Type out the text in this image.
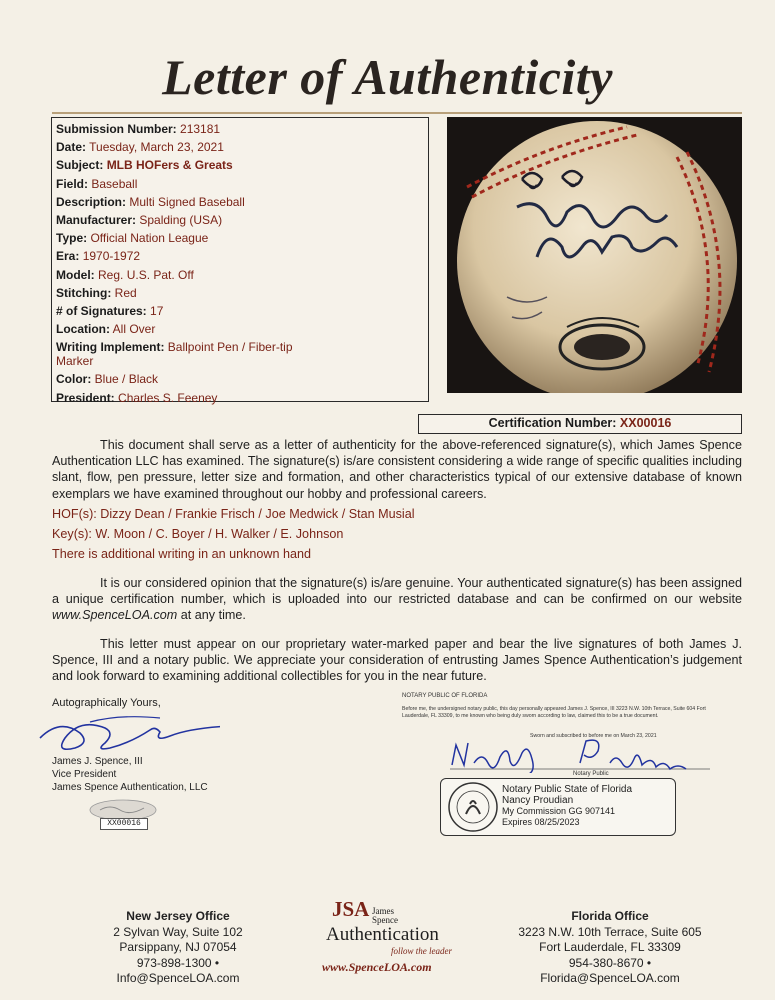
Letter of Authenticity
Submission Number: 213181
Date: Tuesday, March 23, 2021
Subject: MLB HOFers & Greats
Field: Baseball
Description: Multi Signed Baseball
Manufacturer: Spalding (USA)
Type: Official Nation League
Era: 1970-1972
Model: Reg. U.S. Pat. Off
Stitching: Red
# of Signatures: 17
Location: All Over
Writing Implement: Ballpoint Pen / Fiber-tip Marker
Color: Blue / Black
President: Charles S. Feeney
Certification Number: XX00016
This document shall serve as a letter of authenticity for the above-referenced signature(s), which James Spence Authentication LLC has examined. The signature(s) is/are consistent considering a wide range of specific qualities including slant, flow, pen pressure, letter size and formation, and other characteristics typical of our extensive database of known exemplars we have examined throughout our hobby and professional careers.
HOF(s): Dizzy Dean / Frankie Frisch / Joe Medwick / Stan Musial
Key(s): W. Moon / C. Boyer / H. Walker / E. Johnson
There is additional writing in an unknown hand
It is our considered opinion that the signature(s) is/are genuine. Your authenticated signature(s) has been assigned a unique certification number, which is uploaded into our restricted database and can be confirmed on our website www.SpenceLOA.com at any time.
This letter must appear on our proprietary water-marked paper and bear the live signatures of both James J. Spence, III and a notary public. We appreciate your consideration of entrusting James Spence Authentication’s judgement and look forward to examining additional collectibles for you in the near future.
Autographically Yours,
James J. Spence, III
Vice President
James Spence Authentication, LLC
XX00016
NOTARY PUBLIC OF FLORIDA
Before me, the undersigned notary public, this day personally appeared James J. Spence, III 3223 N.W. 10th Terrace, Suite 604 Fort Lauderdale, FL 33309, to me known who being duly sworn according to law, claimed this to be a true document.
Sworn and subscribed to before me on March 23, 2021
Notary Public
Notary Public State of Florida
Nancy Proudian
My Commission GG 907141
Expires 08/25/2023
New Jersey Office
2 Sylvan Way, Suite 102
Parsippany, NJ 07054
973-898-1300 • Info@SpenceLOA.com
Florida Office
3223 N.W. 10th Terrace, Suite 605
Fort Lauderdale, FL 33309
954-380-8670 • Florida@SpenceLOA.com
JSA James
Spence
Authentication
follow the leader
www.SpenceLOA.com
